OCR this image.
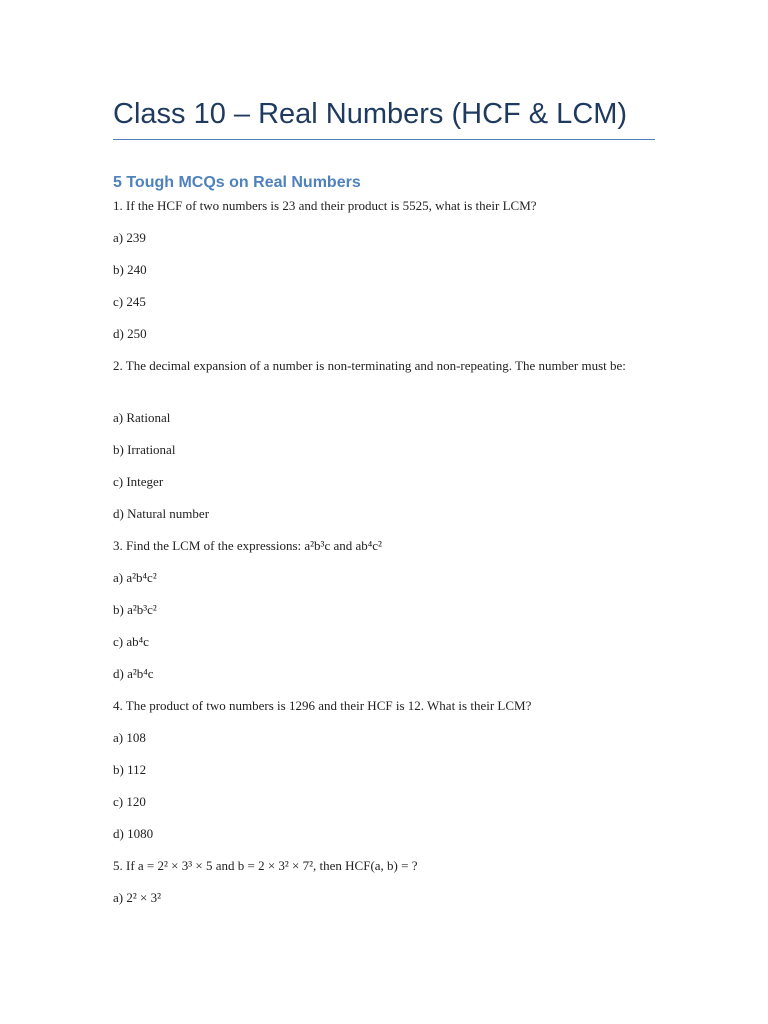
Class 10 – Real Numbers (HCF & LCM)
5 Tough MCQs on Real Numbers
1. If the HCF of two numbers is 23 and their product is 5525, what is their LCM?
a) 239
b) 240
c) 245
d) 250
2. The decimal expansion of a number is non-terminating and non-repeating. The number must be:
a) Rational
b) Irrational
c) Integer
d) Natural number
3. Find the LCM of the expressions: a²b³c and ab⁴c²
a) a²b⁴c²
b) a²b³c²
c) ab⁴c
d) a²b⁴c
4. The product of two numbers is 1296 and their HCF is 12. What is their LCM?
a) 108
b) 112
c) 120
d) 1080
5. If a = 2² × 3³ × 5 and b = 2 × 3² × 7², then HCF(a, b) = ?
a) 2² × 3²
